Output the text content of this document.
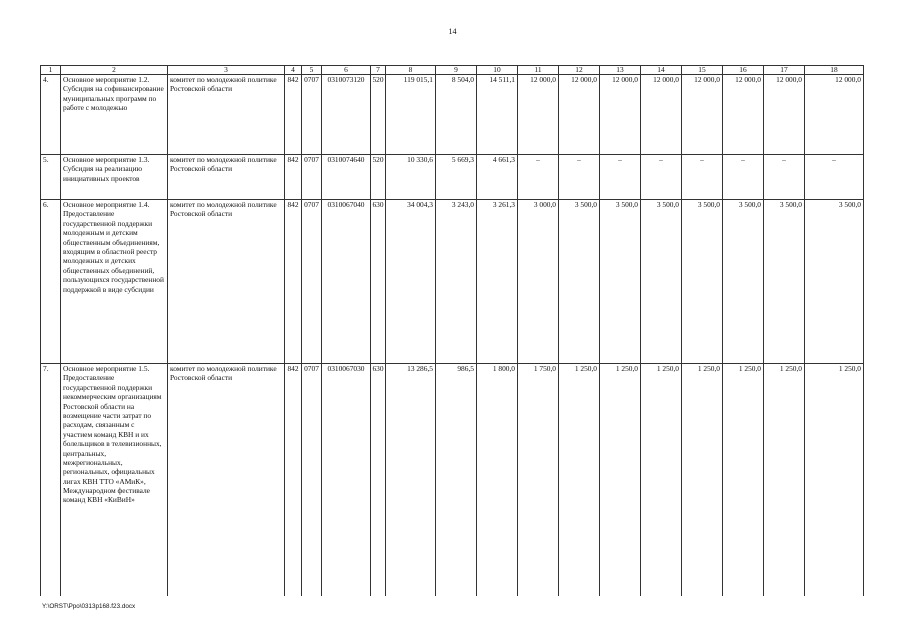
14
1	2	3	4	5	6	7	8	9	10	11	12	13	14	15	16	17	18
4.	Основное мероприятие 1.2. Субсидия на софинансирование муниципальных программ по работе с молодежью	комитет по молодежной политике Ростовской области	842	0707	0310073120	520	119 015,1	8 504,0	14 511,1	12 000,0	12 000,0	12 000,0	12 000,0	12 000,0	12 000,0	12 000,0	12 000,0
5.	Основное мероприятие 1.3. Субсидия на реализацию инициативных проектов	комитет по молодежной политике Ростовской области	842	0707	0310074640	520	10 330,6	5 669,3	4 661,3	–	–	–	–	–	–	–	–
6.	Основное мероприятие 1.4. Предоставление государственной поддержки молодежным и детским общественным объединениям, входящим в областной реестр молодежных и детских общественных объединений, пользующихся государственной поддержкой в виде субсидии	комитет по молодежной политике Ростовской области	842	0707	0310067040	630	34 004,3	3 243,0	3 261,3	3 000,0	3 500,0	3 500,0	3 500,0	3 500,0	3 500,0	3 500,0	3 500,0
7.	Основное мероприятие 1.5. Предоставление государственной поддержки некоммерческим организациям Ростовской области на возмещение части затрат по расходам, связанным с участием команд КВН и их болельщиков в телевизионных, центральных, межрегиональных, региональных, официальных лигах КВН ТТО «АМиК», Международном фестивале команд КВН «КиВиН»	комитет по молодежной политике Ростовской области	842	0707	0310067030	630	13 286,5	986,5	1 800,0	1 750,0	1 250,0	1 250,0	1 250,0	1 250,0	1 250,0	1 250,0	1 250,0
Y:\ORST\Ppo\0313p168.f23.docx
